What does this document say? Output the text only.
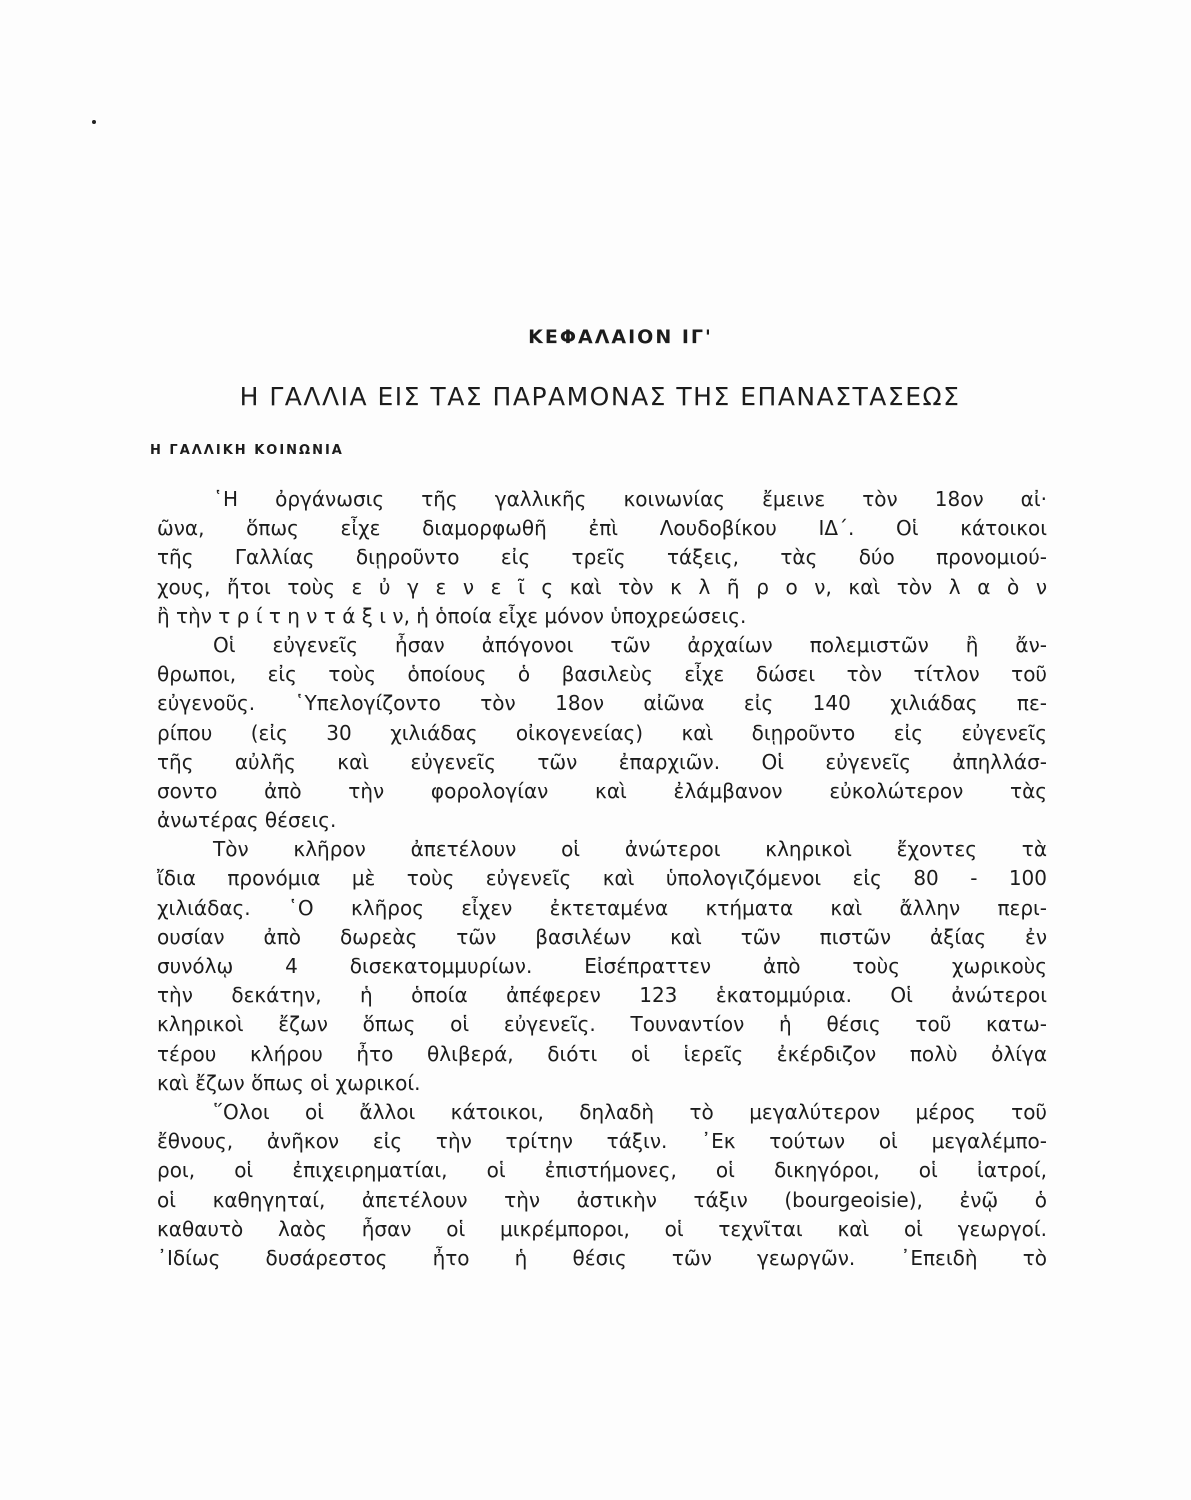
ΚΕΦΑΛΑΙΟΝ ΙΓ'
Η ΓΑΛΛΙΑ ΕΙΣ ΤΑΣ ΠΑΡΑΜΟΝΑΣ ΤΗΣ ΕΠΑΝΑΣΤΑΣΕΩΣ
Η ΓΑΛΛΙΚΗ ΚΟΙΝΩΝΙΑ
῾Η ὀργάνωσις τῆς γαλλικῆς κοινωνίας ἔμεινε τὸν 18ον αἰ·
ῶνα, ὅπως εἶχε διαμορφωθῆ ἐπὶ Λουδοβίκου ΙΔ΄. Οἱ κάτοικοι
τῆς Γαλλίας διῃροῦντο εἰς τρεῖς τάξεις, τὰς δύο προνομιού-
χους, ἤτοι τοὺς ε ὐ γ ε ν ε ῖ ς καὶ τὸν κ λ ῆ ρ ο ν, καὶ τὸν λ α ὸ ν
ἢ τὴν τ ρ ί τ η ν τ ά ξ ι ν, ἡ ὁποία εἶχε μόνον ὑποχρεώσεις.
Οἱ εὐγενεῖς ἦσαν ἀπόγονοι τῶν ἀρχαίων πολεμιστῶν ἢ ἄν-
θρωποι, εἰς τοὺς ὁποίους ὁ βασιλεὺς εἶχε δώσει τὸν τίτλον τοῦ
εὐγενοῦς. ῾Υπελογίζοντο τὸν 18ον αἰῶνα εἰς 140 χιλιάδας πε-
ρίπου (εἰς 30 χιλιάδας οἰκογενείας) καὶ διῃροῦντο εἰς εὐγενεῖς
τῆς αὐλῆς καὶ εὐγενεῖς τῶν ἐπαρχιῶν. Οἱ εὐγενεῖς ἀπηλλάσ-
σοντο ἀπὸ τὴν φορολογίαν καὶ ἐλάμβανον εὐκολώτερον τὰς
ἀνωτέρας θέσεις.
Τὸν κλῆρον ἀπετέλουν οἱ ἀνώτεροι κληρικοὶ ἔχοντες τὰ
ἴδια προνόμια μὲ τοὺς εὐγενεῖς καὶ ὑπολογιζόμενοι εἰς 80 - 100
χιλιάδας. ῾Ο κλῆρος εἶχεν ἐκτεταμένα κτήματα καὶ ἄλλην περι-
ουσίαν ἀπὸ δωρεὰς τῶν βασιλέων καὶ τῶν πιστῶν ἀξίας ἐν
συνόλῳ 4 δισεκατομμυρίων. Εἰσέπραττεν ἀπὸ τοὺς χωρικοὺς
τὴν δεκάτην, ἡ ὁποία ἀπέφερεν 123 ἑκατομμύρια. Οἱ ἀνώτεροι
κληρικοὶ ἔζων ὅπως οἱ εὐγενεῖς. Τουναντίον ἡ θέσις τοῦ κατω-
τέρου κλήρου ἦτο θλιβερά, διότι οἱ ἱερεῖς ἐκέρδιζον πολὺ ὀλίγα
καὶ ἔζων ὅπως οἱ χωρικοί.
῞Ολοι οἱ ἄλλοι κάτοικοι, δηλαδὴ τὸ μεγαλύτερον μέρος τοῦ
ἔθνους, ἀνῆκον εἰς τὴν τρίτην τάξιν. ᾿Εκ τούτων οἱ μεγαλέμπο-
ροι, οἱ ἐπιχειρηματίαι, οἱ ἐπιστήμονες, οἱ δικηγόροι, οἱ ἰατροί,
οἱ καθηγηταί, ἀπετέλουν τὴν ἀστικὴν τάξιν (bourgeoisie), ἐνῷ ὁ
καθαυτὸ λαὸς ἦσαν οἱ μικρέμποροι, οἱ τεχνῖται καὶ οἱ γεωργοί.
᾿Ιδίως δυσάρεστος ἦτο ἡ θέσις τῶν γεωργῶν. ᾿Επειδὴ τὸ
